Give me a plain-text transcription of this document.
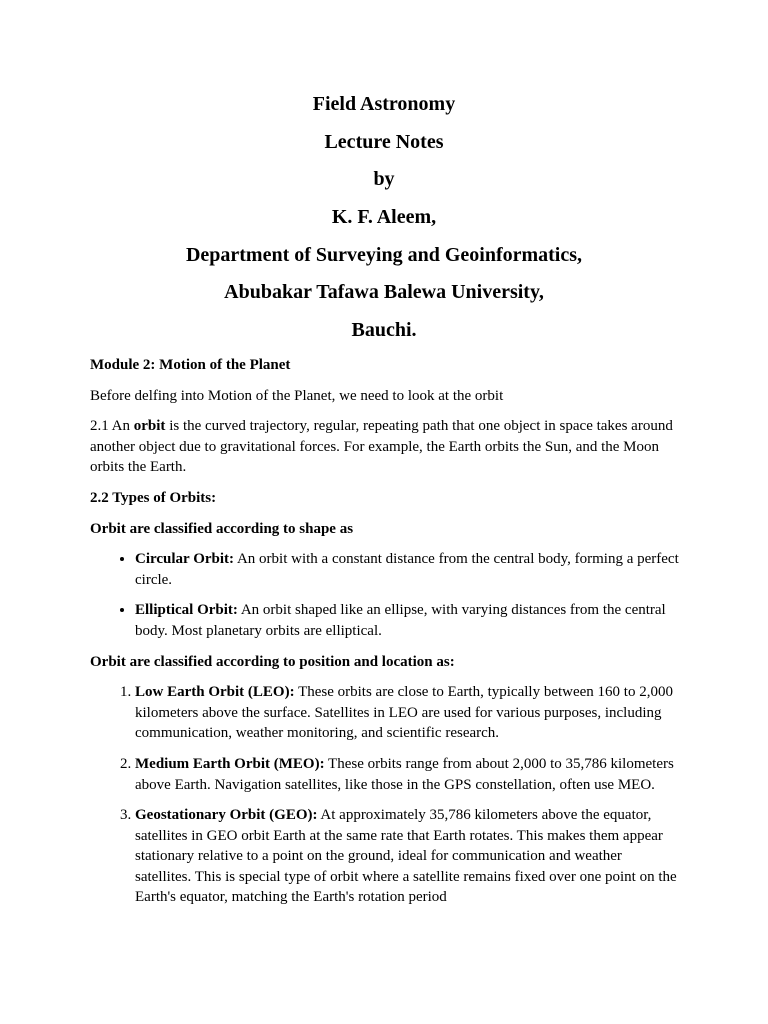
Field Astronomy
Lecture Notes
by
K. F. Aleem,
Department of Surveying and Geoinformatics,
Abubakar Tafawa Balewa University,
Bauchi.

Module 2: Motion of the Planet

Before delfing into Motion of the Planet, we need to look at the orbit

2.1 An orbit is the curved trajectory, regular, repeating path that one object in space takes around another object due to gravitational forces. For example, the Earth orbits the Sun, and the Moon orbits the Earth.

2.2 Types of Orbits:

Orbit are classified according to shape as

• Circular Orbit: An orbit with a constant distance from the central body, forming a perfect circle.
• Elliptical Orbit: An orbit shaped like an ellipse, with varying distances from the central body. Most planetary orbits are elliptical.

Orbit are classified according to position and location as:

1. Low Earth Orbit (LEO): These orbits are close to Earth, typically between 160 to 2,000 kilometers above the surface. Satellites in LEO are used for various purposes, including communication, weather monitoring, and scientific research.
2. Medium Earth Orbit (MEO): These orbits range from about 2,000 to 35,786 kilometers above Earth. Navigation satellites, like those in the GPS constellation, often use MEO.
3. Geostationary Orbit (GEO): At approximately 35,786 kilometers above the equator, satellites in GEO orbit Earth at the same rate that Earth rotates. This makes them appear stationary relative to a point on the ground, ideal for communication and weather satellites. This is special type of orbit where a satellite remains fixed over one point on the Earth's equator, matching the Earth's rotation period
